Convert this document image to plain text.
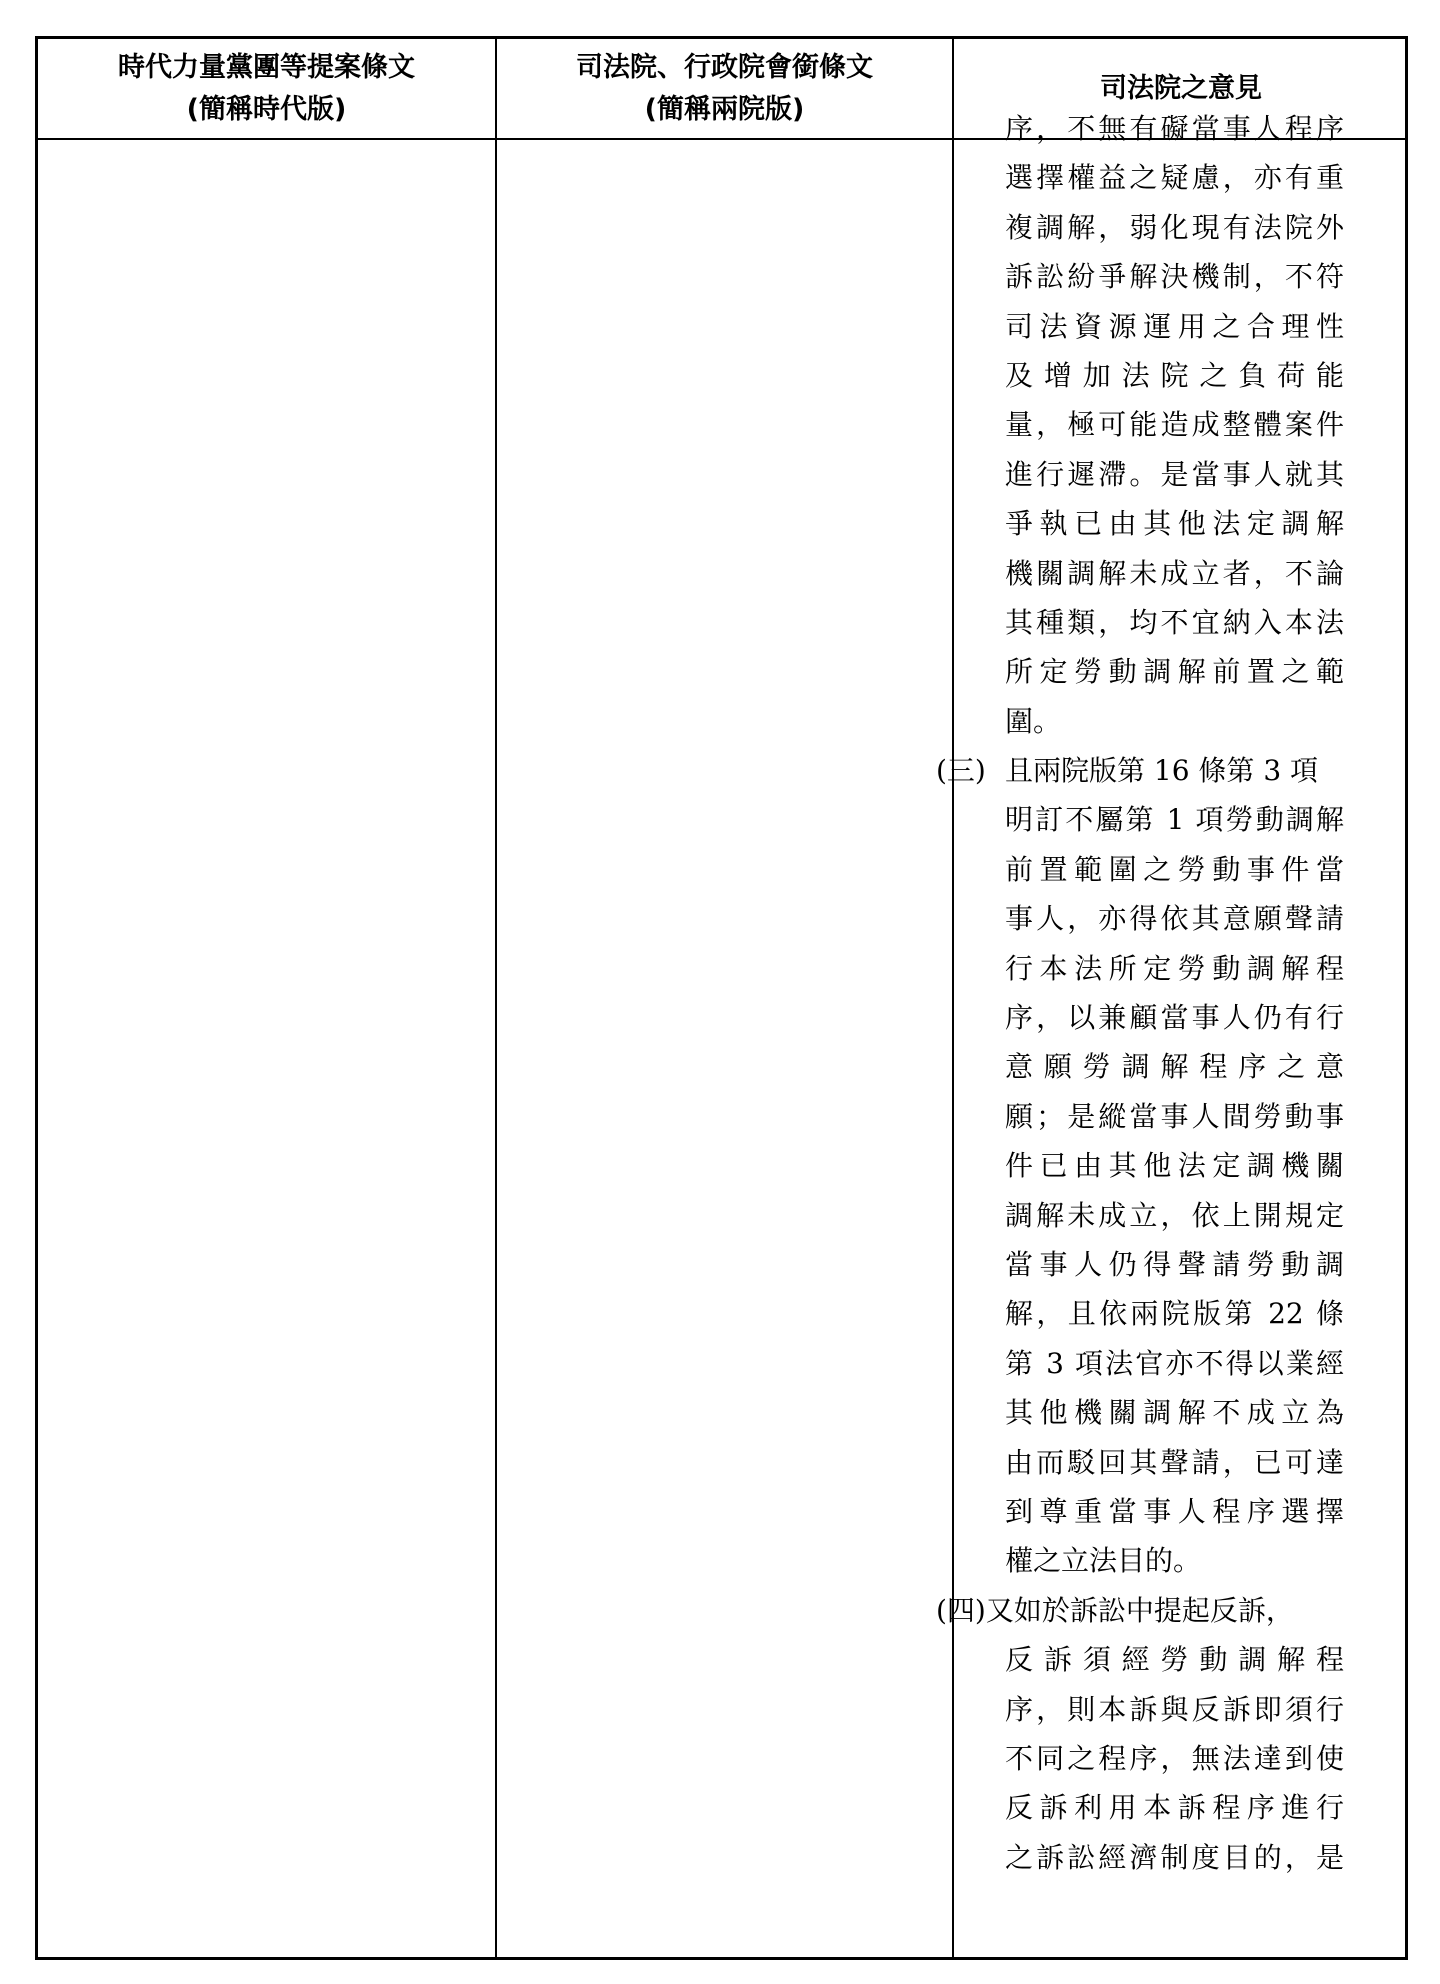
時代力量黨團等提案條文
(簡稱時代版)
司法院、行政院會銜條文
(簡稱兩院版)
司法院之意見
序，不無有礙當事人程序
選擇權益之疑慮，亦有重
複調解，弱化現有法院外
訴訟紛爭解決機制，不符
司法資源運用之合理性
及增加法院之負荷能
量，極可能造成整體案件
進行遲滯。是當事人就其
爭執已由其他法定調解
機關調解未成立者，不論
其種類，均不宜納入本法
所定勞動調解前置之範
圍。
(三) 且兩院版第 16 條第 3 項
明訂不屬第 1 項勞動調解
前置範圍之勞動事件當
事人，亦得依其意願聲請
行本法所定勞動調解程
序，以兼顧當事人仍有行
意願勞調解程序之意
願；是縱當事人間勞動事
件已由其他法定調機關
調解未成立，依上開規定
當事人仍得聲請勞動調
解，且依兩院版第 22 條
第 3 項法官亦不得以業經
其他機關調解不成立為
由而駁回其聲請，已可達
到尊重當事人程序選擇
權之立法目的。
(四)又如於訴訟中提起反訴，
反訴須經勞動調解程
序，則本訴與反訴即須行
不同之程序，無法達到使
反訴利用本訴程序進行
之訴訟經濟制度目的，是
